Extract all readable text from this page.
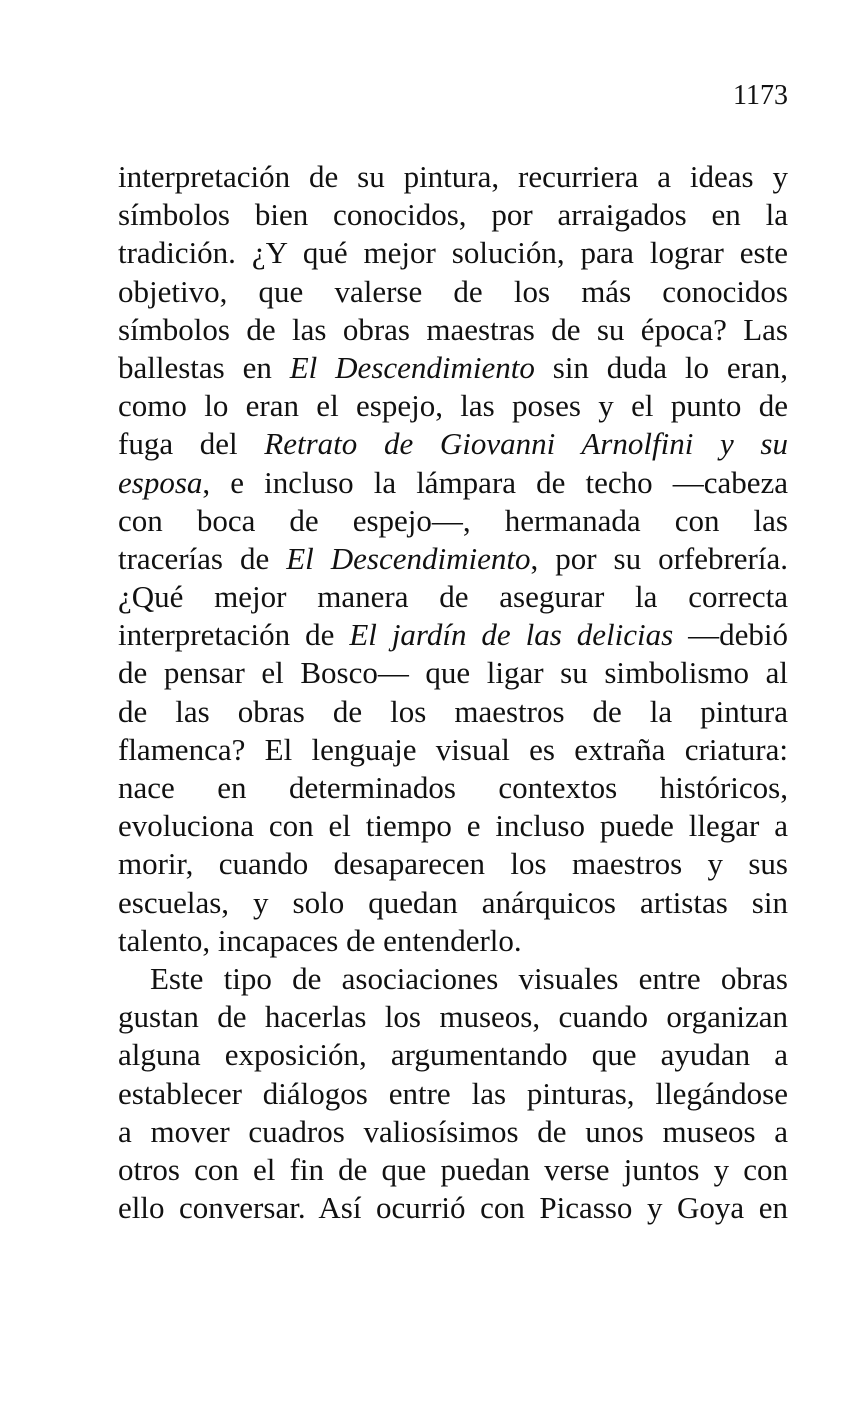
1173
interpretación de su pintura, recurriera a ideas y
símbolos bien conocidos, por arraigados en la
tradición. ¿Y qué mejor solución, para lograr este
objetivo, que valerse de los más conocidos
símbolos de las obras maestras de su época? Las
ballestas en El Descendimiento sin duda lo eran,
como lo eran el espejo, las poses y el punto de
fuga del Retrato de Giovanni Arnolfini y su
esposa, e incluso la lámpara de techo —cabeza
con boca de espejo—, hermanada con las
tracerías de El Descendimiento, por su orfebrería.
¿Qué mejor manera de asegurar la correcta
interpretación de El jardín de las delicias —debió
de pensar el Bosco— que ligar su simbolismo al
de las obras de los maestros de la pintura
flamenca? El lenguaje visual es extraña criatura:
nace en determinados contextos históricos,
evoluciona con el tiempo e incluso puede llegar a
morir, cuando desaparecen los maestros y sus
escuelas, y solo quedan anárquicos artistas sin
talento, incapaces de entenderlo.
Este tipo de asociaciones visuales entre obras
gustan de hacerlas los museos, cuando organizan
alguna exposición, argumentando que ayudan a
establecer diálogos entre las pinturas, llegándose
a mover cuadros valiosísimos de unos museos a
otros con el fin de que puedan verse juntos y con
ello conversar. Así ocurrió con Picasso y Goya en
